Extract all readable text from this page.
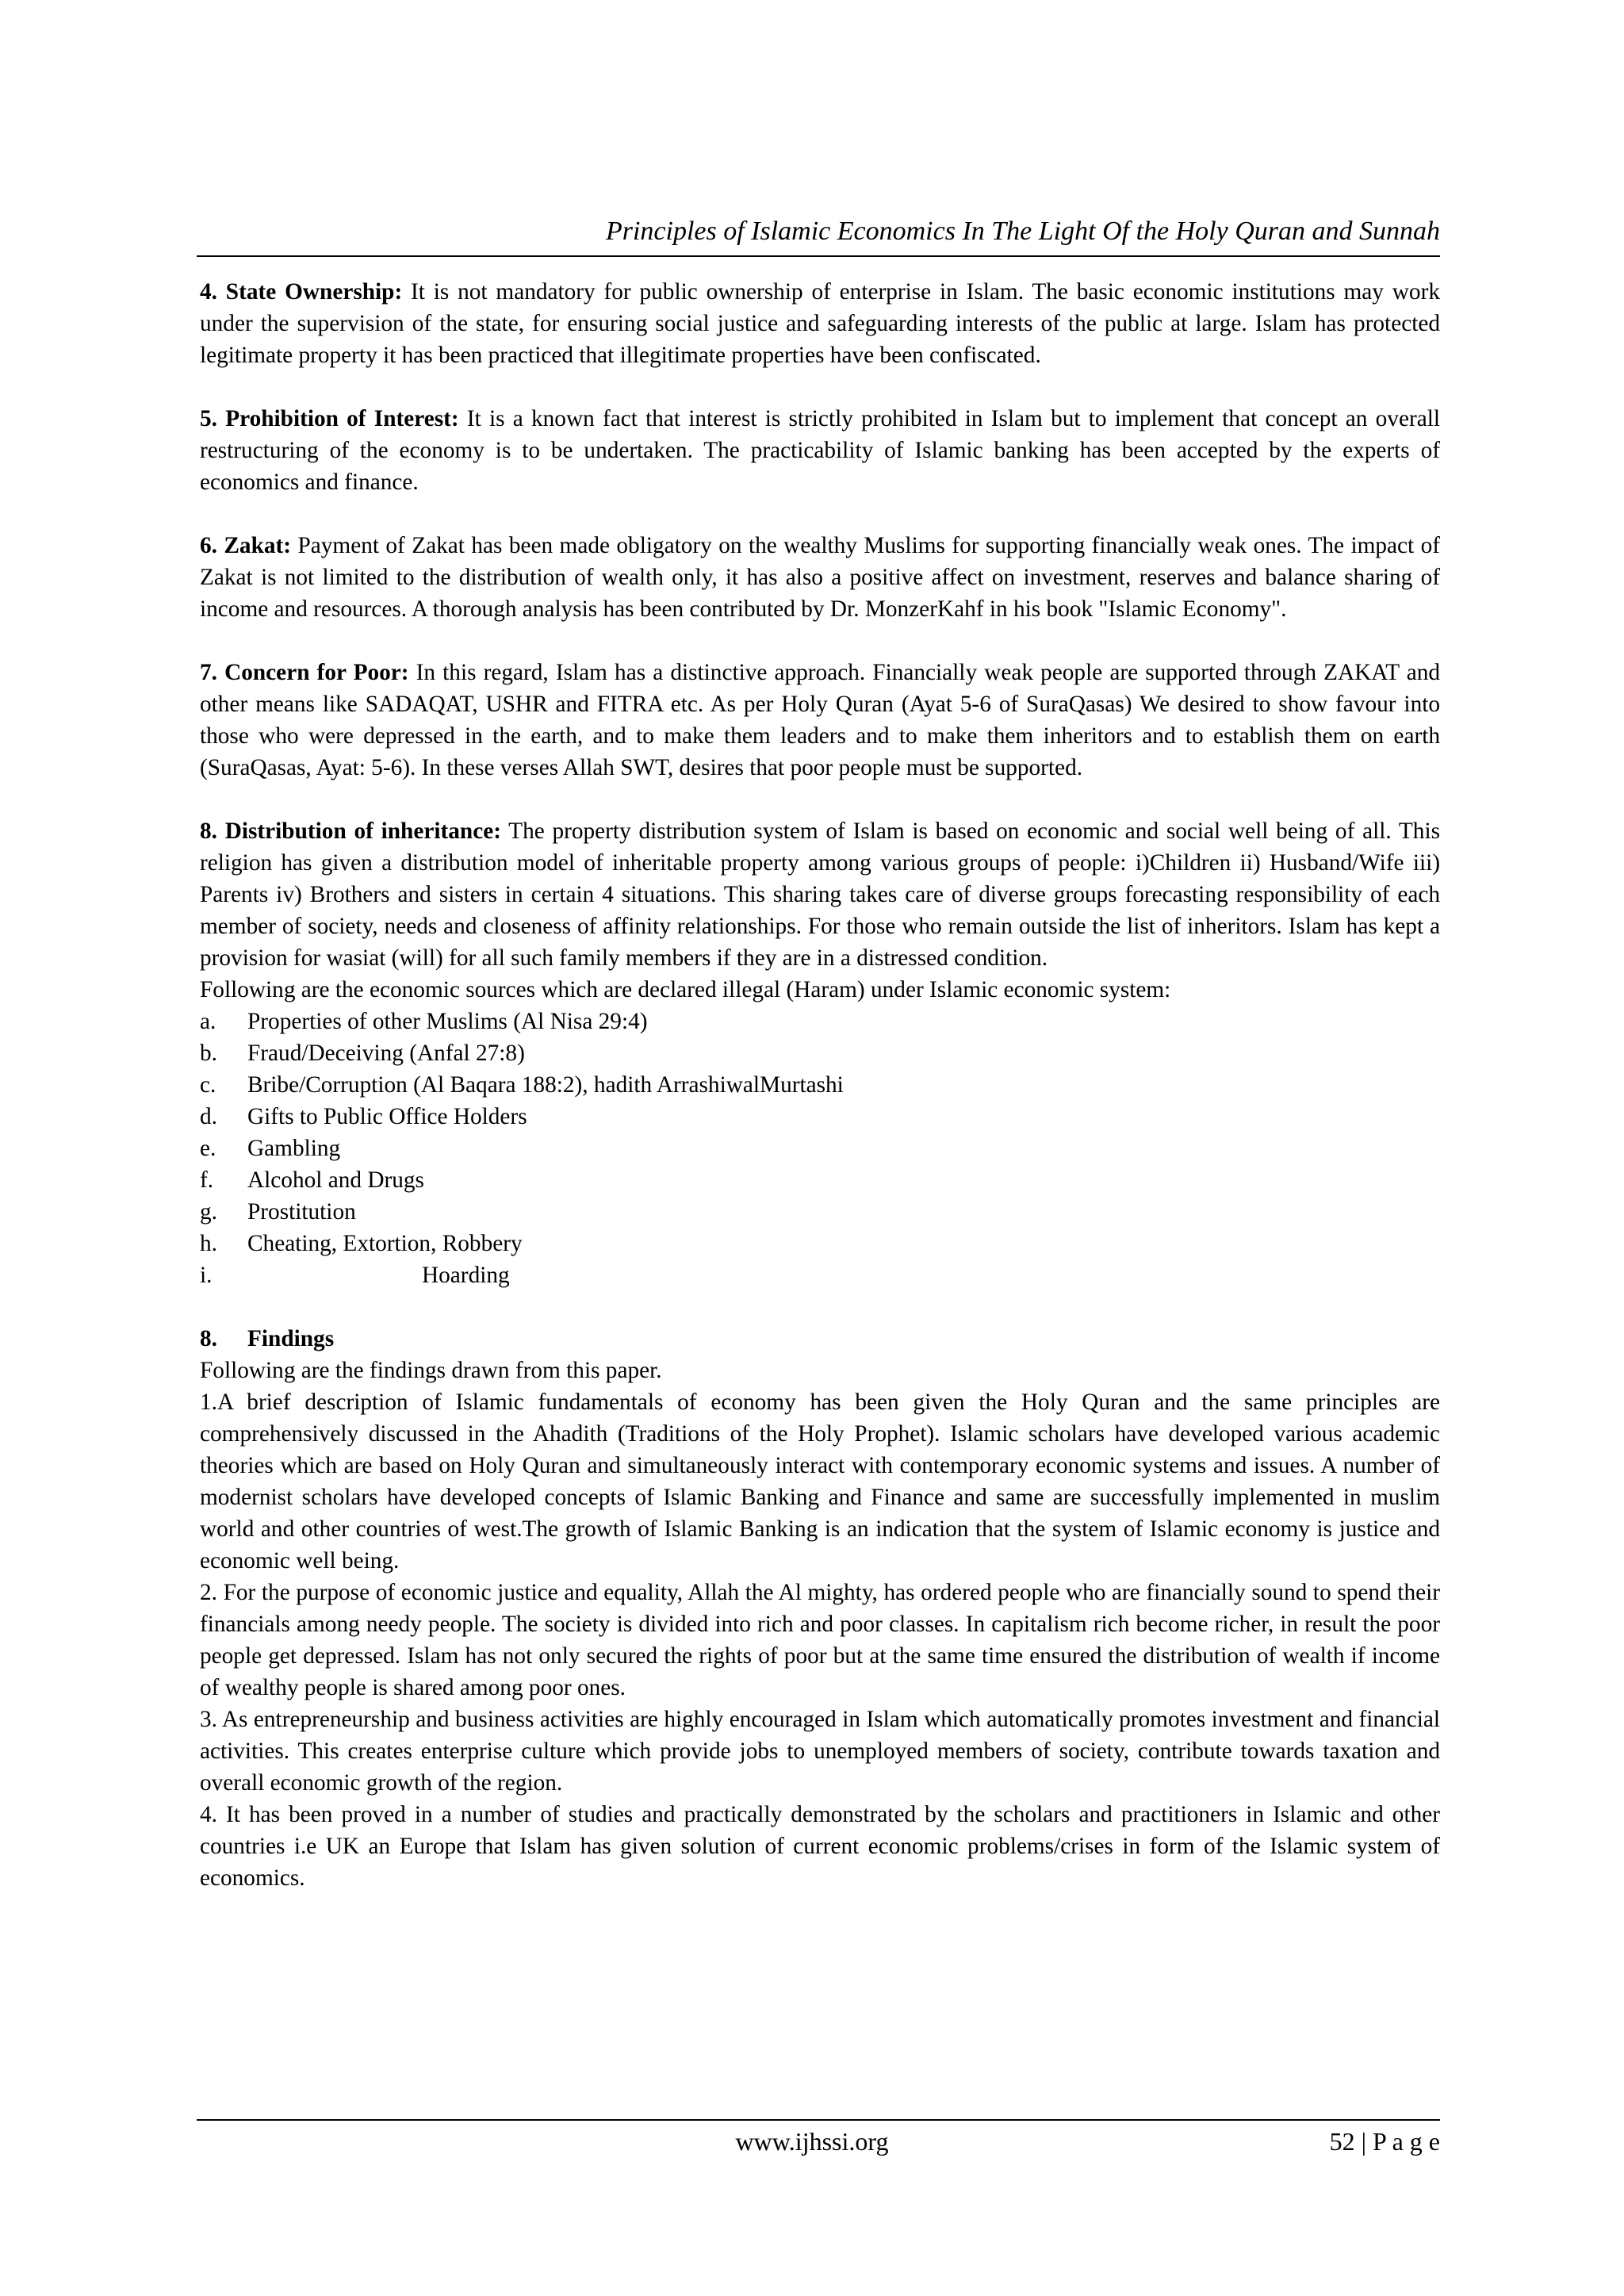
Principles of Islamic Economics In The Light Of the Holy Quran and Sunnah

4. State Ownership: It is not mandatory for public ownership of enterprise in Islam. The basic economic institutions may work under the supervision of the state, for ensuring social justice and safeguarding interests of the public at large. Islam has protected legitimate property it has been practiced that illegitimate properties have been confiscated.

5. Prohibition of Interest: It is a known fact that interest is strictly prohibited in Islam but to implement that concept an overall restructuring of the economy is to be undertaken. The practicability of Islamic banking has been accepted by the experts of economics and finance.

6. Zakat: Payment of Zakat has been made obligatory on the wealthy Muslims for supporting financially weak ones. The impact of Zakat is not limited to the distribution of wealth only, it has also a positive affect on investment, reserves and balance sharing of income and resources. A thorough analysis has been contributed by Dr. MonzerKahf in his book "Islamic Economy".

7. Concern for Poor: In this regard, Islam has a distinctive approach. Financially weak people are supported through ZAKAT and other means like SADAQAT, USHR and FITRA etc. As per Holy Quran (Ayat 5-6 of SuraQasas) We desired to show favour into those who were depressed in the earth, and to make them leaders and to make them inheritors and to establish them on earth (SuraQasas, Ayat: 5-6). In these verses Allah SWT, desires that poor people must be supported.

8. Distribution of inheritance: The property distribution system of Islam is based on economic and social well being of all. This religion has given a distribution model of inheritable property among various groups of people: i)Children ii) Husband/Wife iii) Parents iv) Brothers and sisters in certain 4 situations. This sharing takes care of diverse groups forecasting responsibility of each member of society, needs and closeness of affinity relationships. For those who remain outside the list of inheritors. Islam has kept a provision for wasiat (will) for all such family members if they are in a distressed condition.

Following are the economic sources which are declared illegal (Haram) under Islamic economic system:

a.	Properties of other Muslims (Al Nisa 29:4)
b.	Fraud/Deceiving (Anfal 27:8)
c.	Bribe/Corruption (Al Baqara 188:2), hadith ArrashiwalMurtashi
d.	Gifts to Public Office Holders
e.	Gambling
f.	Alcohol and Drugs
g.	Prostitution
h.	Cheating, Extortion, Robbery
i.	Hoarding

8. Findings

Following are the findings drawn from this paper.

1.A brief description of Islamic fundamentals of economy has been given the Holy Quran and the same principles are comprehensively discussed in the Ahadith (Traditions of the Holy Prophet). Islamic scholars have developed various academic theories which are based on Holy Quran and simultaneously interact with contemporary economic systems and issues. A number of modernist scholars have developed concepts of Islamic Banking and Finance and same are successfully implemented in muslim world and other countries of west.The growth of Islamic Banking is an indication that the system of Islamic economy is justice and economic well being.

2. For the purpose of economic justice and equality, Allah the Al mighty, has ordered people who are financially sound to spend their financials among needy people. The society is divided into rich and poor classes. In capitalism rich become richer, in result the poor people get depressed. Islam has not only secured the rights of poor but at the same time ensured the distribution of wealth if income of wealthy people is shared among poor ones.

3. As entrepreneurship and business activities are highly encouraged in Islam which automatically promotes investment and financial activities. This creates enterprise culture which provide jobs to unemployed members of society, contribute towards taxation and overall economic growth of the region.

4. It has been proved in a number of studies and practically demonstrated by the scholars and practitioners in Islamic and other countries i.e UK an Europe that Islam has given solution of current economic problems/crises in form of the Islamic system of economics.

www.ijhssi.org	52 | P a g e
